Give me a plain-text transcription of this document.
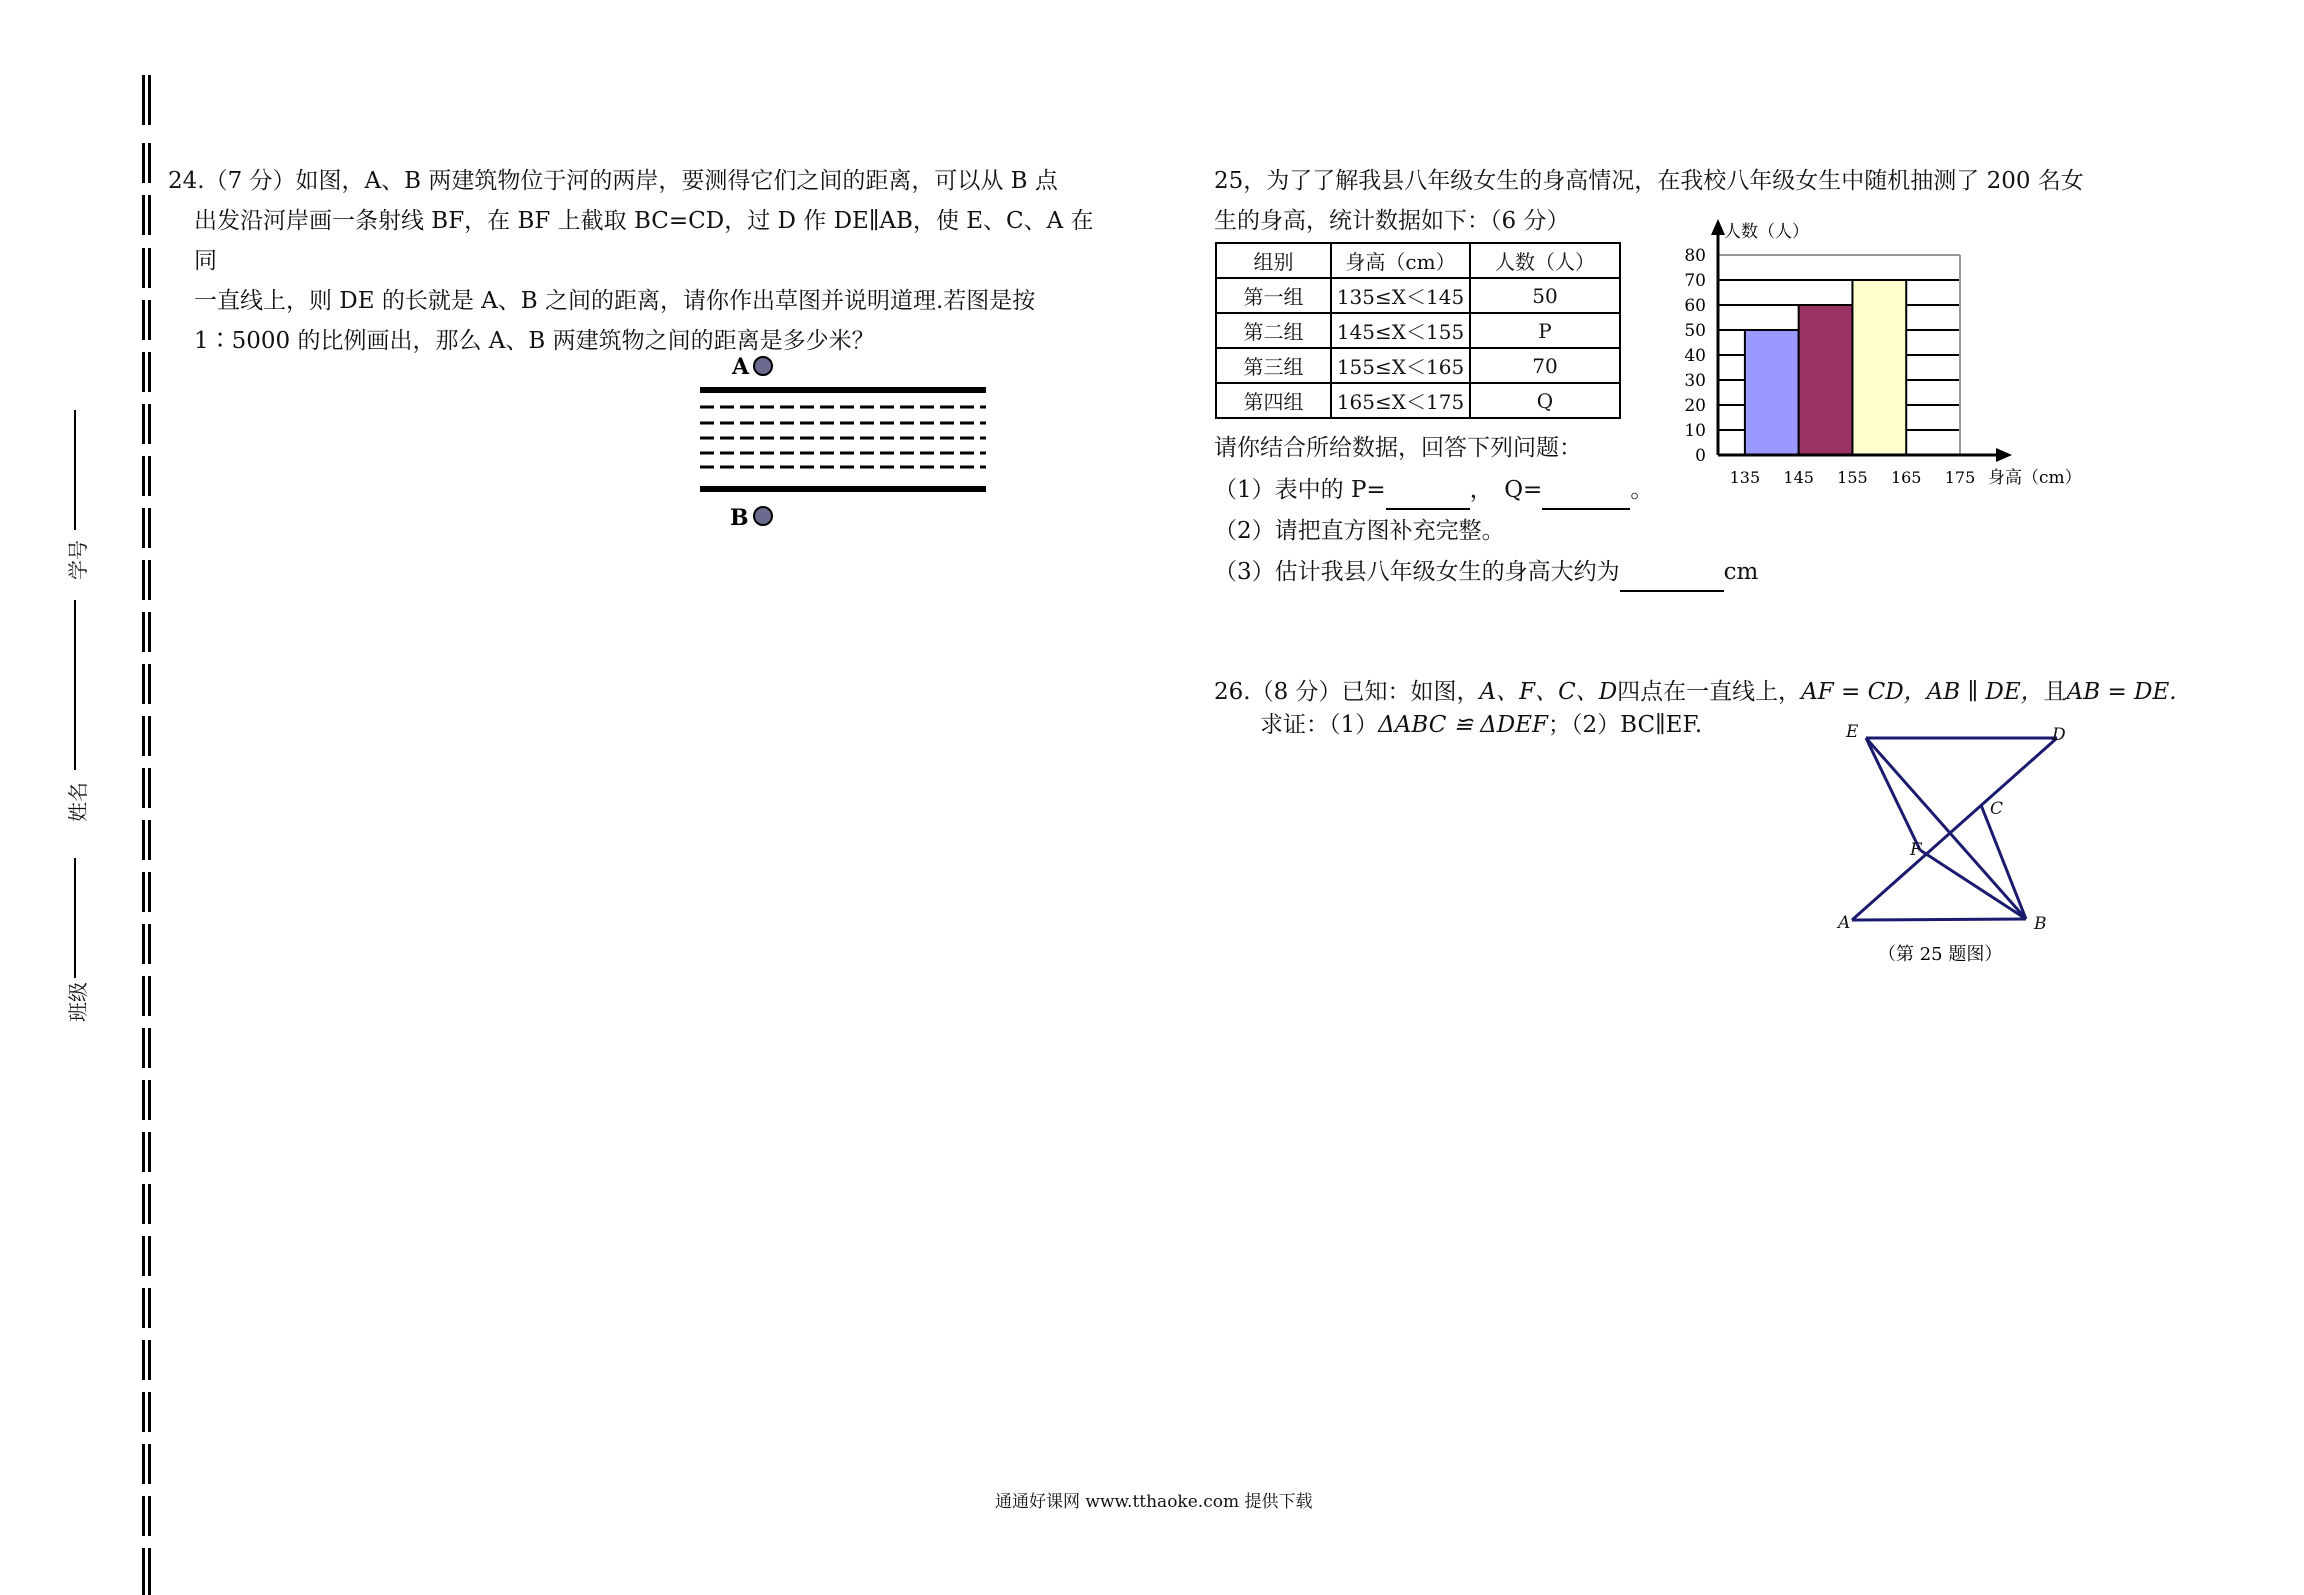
班级
姓名
学号
24.（7 分）如图，A、B 两建筑物位于河的两岸，要测得它们之间的距离，可以从 B 点
出发沿河岸画一条射线 BF，在 BF 上截取 BC=CD，过 D 作 DE∥AB，使 E、C、A 在同
一直线上，则 DE 的长就是 A、B 之间的距离，请你作出草图并说明道理.若图是按
1∶5000 的比例画出，那么 A、B 两建筑物之间的距离是多少米？
A
B
25，为了了解我县八年级女生的身高情况，在我校八年级女生中随机抽测了 200 名女
生的身高，统计数据如下：（6 分）
组别	身高（cm）	人数（人）
第一组	135≤X＜145	50
第二组	145≤X＜155	P
第三组	155≤X＜165	70
第四组	165≤X＜175	Q
0
10
20
30
40
50
60
70
80
135 145 155 165 175
人数（人）
身高（cm）
请你结合所给数据，回答下列问题：
（1）表中的 P=	，　Q=	。
（2）请把直方图补充完整。
（3）估计我县八年级女生的身高大约为	cm
26.（8 分）已知：如图，A、F、C、D四点在一直线上，AF = CD，AB ∥ DE，且AB = DE.
求证：（1）ΔABC ≌ ΔDEF；（2）BC∥EF.	E	D
C
F
A	B
（第 25 题图）
通通好课网 www.tthaoke.com 提供下载
